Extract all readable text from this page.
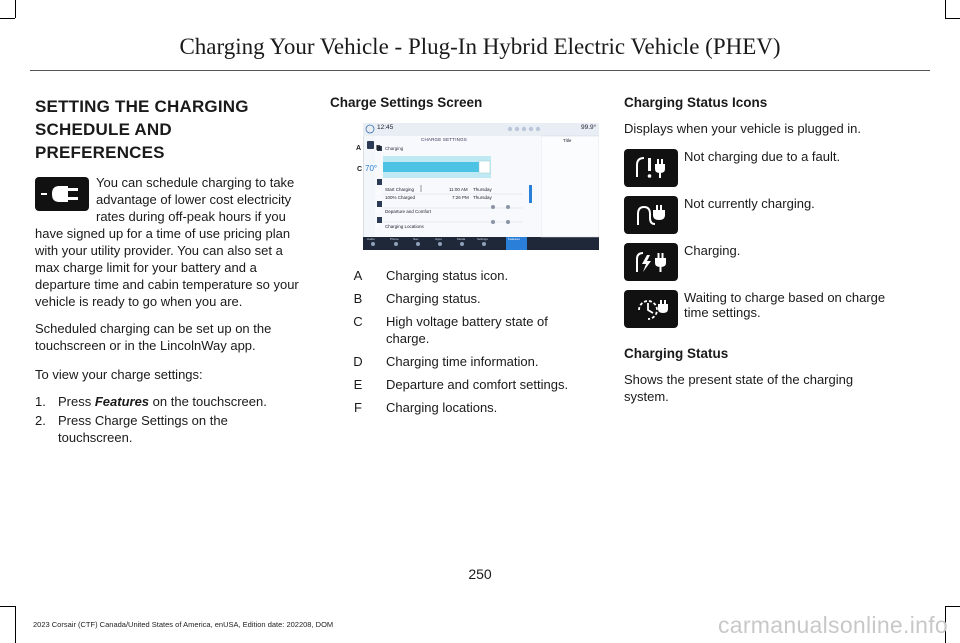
Charging Your Vehicle - Plug-In Hybrid Electric Vehicle (PHEV)
SETTING THE CHARGING
SCHEDULE AND PREFERENCES

You can schedule charging to take advantage of lower cost electricity rates during off-peak hours if you have signed up for a time of use pricing plan with your utility provider. You can also set a max charge limit for your battery and a departure time and cabin temperature so your vehicle is ready to go when you are.

Scheduled charging can be set up on the touchscreen or in the LincolnWay app.

To view your charge settings:

1. Press Features on the touchscreen.
2. Press Charge Settings on the touchscreen.
Charge Settings Screen
12:45
CHARGE SETTINGS
99.9°
Title
Charging
70°
Start Charging	11:00 AM Thursday
100% Charged	7:26 PM Thursday
Departure and Comfort
Charging Locations
Audio	Phone	Nav	Apps	Media	Settings	Features
A B
C
D
E
F
A	Charging status icon.
B	Charging status.
C	High voltage battery state of charge.
D	Charging time information.
E	Departure and comfort settings.
F	Charging locations.
Charging Status Icons

Displays when your vehicle is plugged in.

Not charging due to a fault.
Not currently charging.
Charging.
Waiting to charge based on charge time settings.
Charging Status

Shows the present state of the charging system.

250
2023 Corsair (CTF) Canada/United States of America, enUSA, Edition date: 202208, DOM	carmanualsonline.info
